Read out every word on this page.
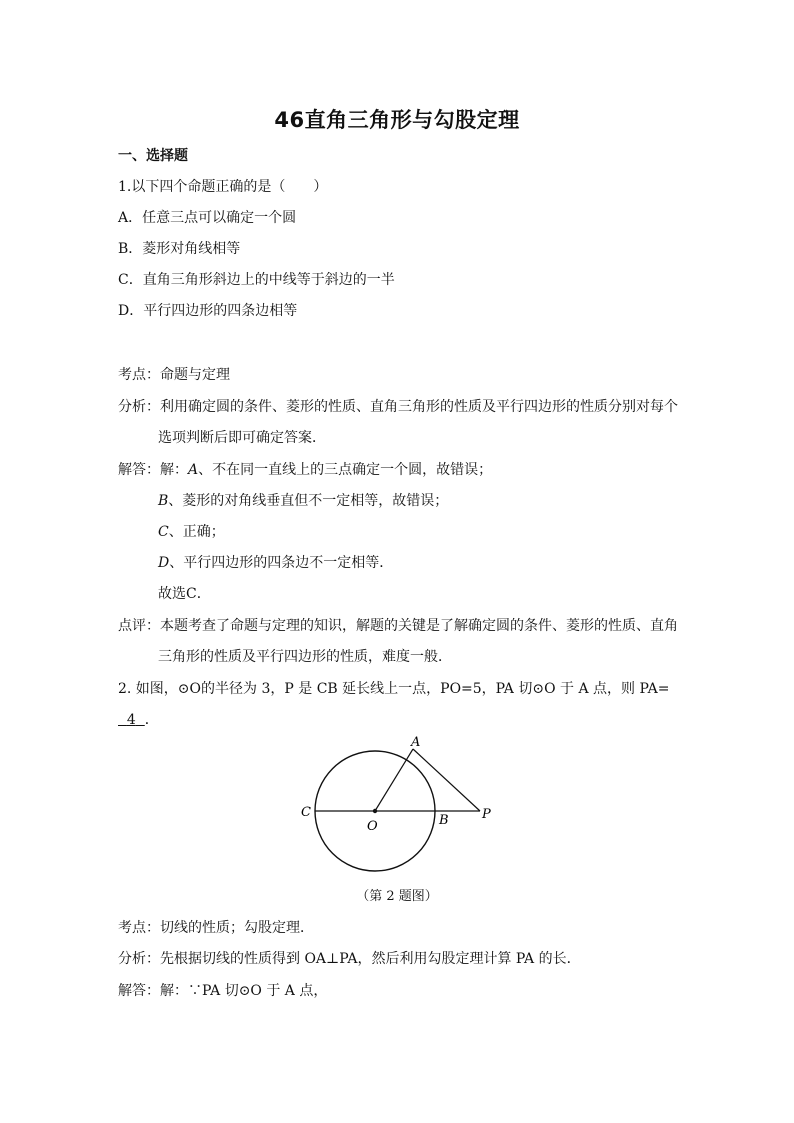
46直角三角形与勾股定理
一、选择题
1.以下四个命题正确的是（　　）
A．任意三点可以确定一个圆
B．菱形对角线相等
C．直角三角形斜边上的中线等于斜边的一半
D．平行四边形的四条边相等
考点：命题与定理
分析：利用确定圆的条件、菱形的性质、直角三角形的性质及平行四边形的性质分别对每个
选项判断后即可确定答案．
解答：解：A、不在同一直线上的三点确定一个圆，故错误；
B、菱形的对角线垂直但不一定相等，故错误；
C、正确；
D、平行四边形的四条边不一定相等．
故选C．
点评：本题考查了命题与定理的知识，解题的关键是了解确定圆的条件、菱形的性质、直角
三角形的性质及平行四边形的性质，难度一般．
2. 如图，⊙O的半径为 3，P 是 CB 延长线上一点，PO=5，PA 切⊙O 于 A 点，则 PA=
4 ．
A
C
O	B	P
（第 2 题图）
考点：切线的性质；勾股定理．
分析：先根据切线的性质得到 OA⊥PA，然后利用勾股定理计算 PA 的长．
解答：解：∵PA 切⊙O 于 A 点，
